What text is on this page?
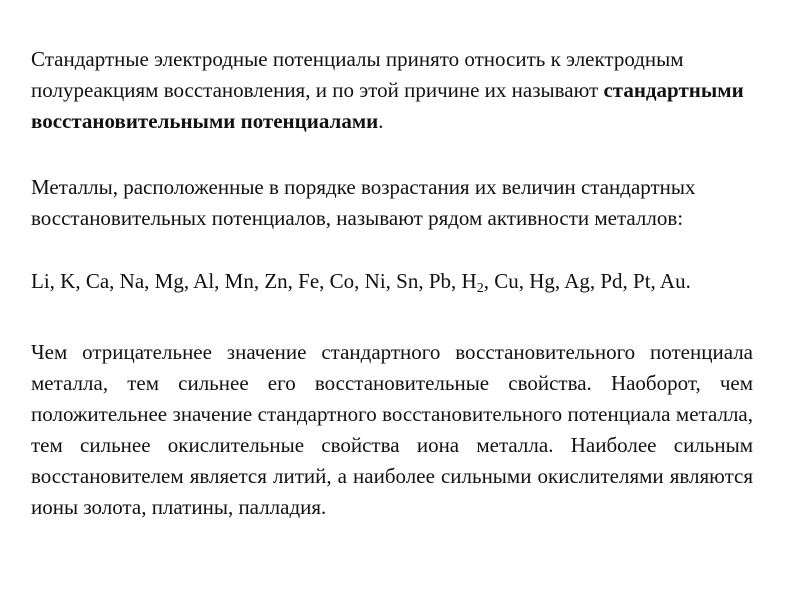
Стандартные электродные потенциалы принято относить к электродным полуреакциям восстановления, и по этой причине их называют стандартными восстановительными потенциалами.

Металлы, расположенные в порядке возрастания их величин стандартных восстановительных потенциалов, называют рядом активности металлов:

Li, K, Ca, Na, Mg, Al, Mn, Zn, Fe, Co, Ni, Sn, Pb, $H_2$, Cu, Hg, Ag, Pd, Pt, Au.

Чем отрицательнее значение стандартного восстановительного потенциала металла, тем сильнее его восстановительные свойства. Наоборот, чем положительнее значение стандартного восстановительного потенциала металла, тем сильнее окислительные свойства иона металла. Наиболее сильным восстановителем является литий, а наиболее сильными окислителями являются ионы золота, платины, палладия.
